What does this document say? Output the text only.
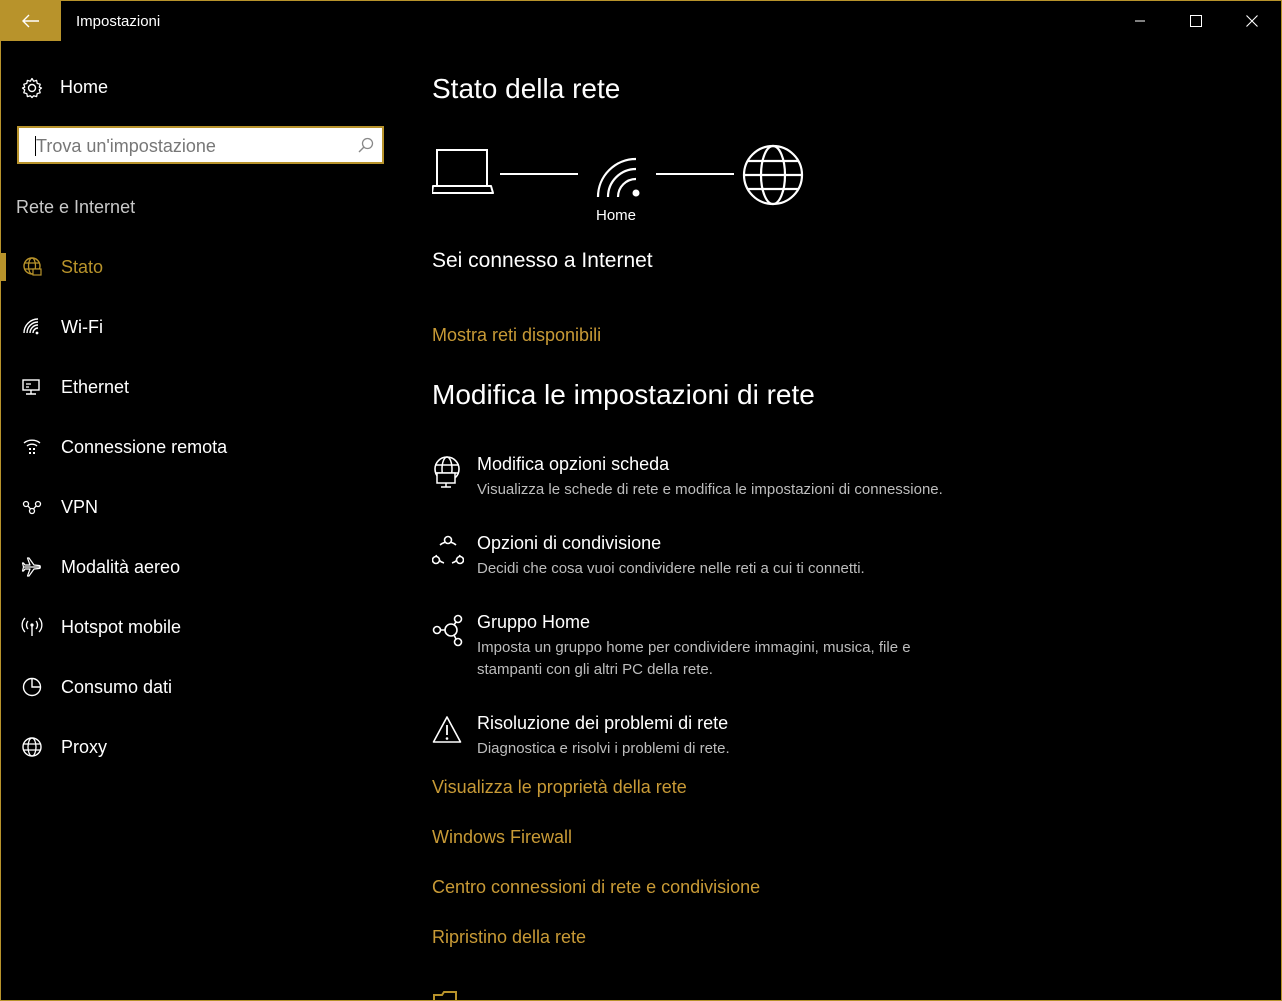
Impostazioni
Home
Trova un'impostazione
Rete e Internet
Stato
Wi-Fi
Ethernet
Connessione remota
VPN
Modalità aereo
Hotspot mobile
Consumo dati
Proxy
Stato della rete
Home
Sei connesso a Internet
Mostra reti disponibili
Modifica le impostazioni di rete
Modifica opzioni scheda
Visualizza le schede di rete e modifica le impostazioni di connessione.
Opzioni di condivisione
Decidi che cosa vuoi condividere nelle reti a cui ti connetti.
Gruppo Home
Imposta un gruppo home per condividere immagini, musica, file e stampanti con gli altri PC della rete.
Risoluzione dei problemi di rete
Diagnostica e risolvi i problemi di rete.
Visualizza le proprietà della rete
Windows Firewall
Centro connessioni di rete e condivisione
Ripristino della rete
